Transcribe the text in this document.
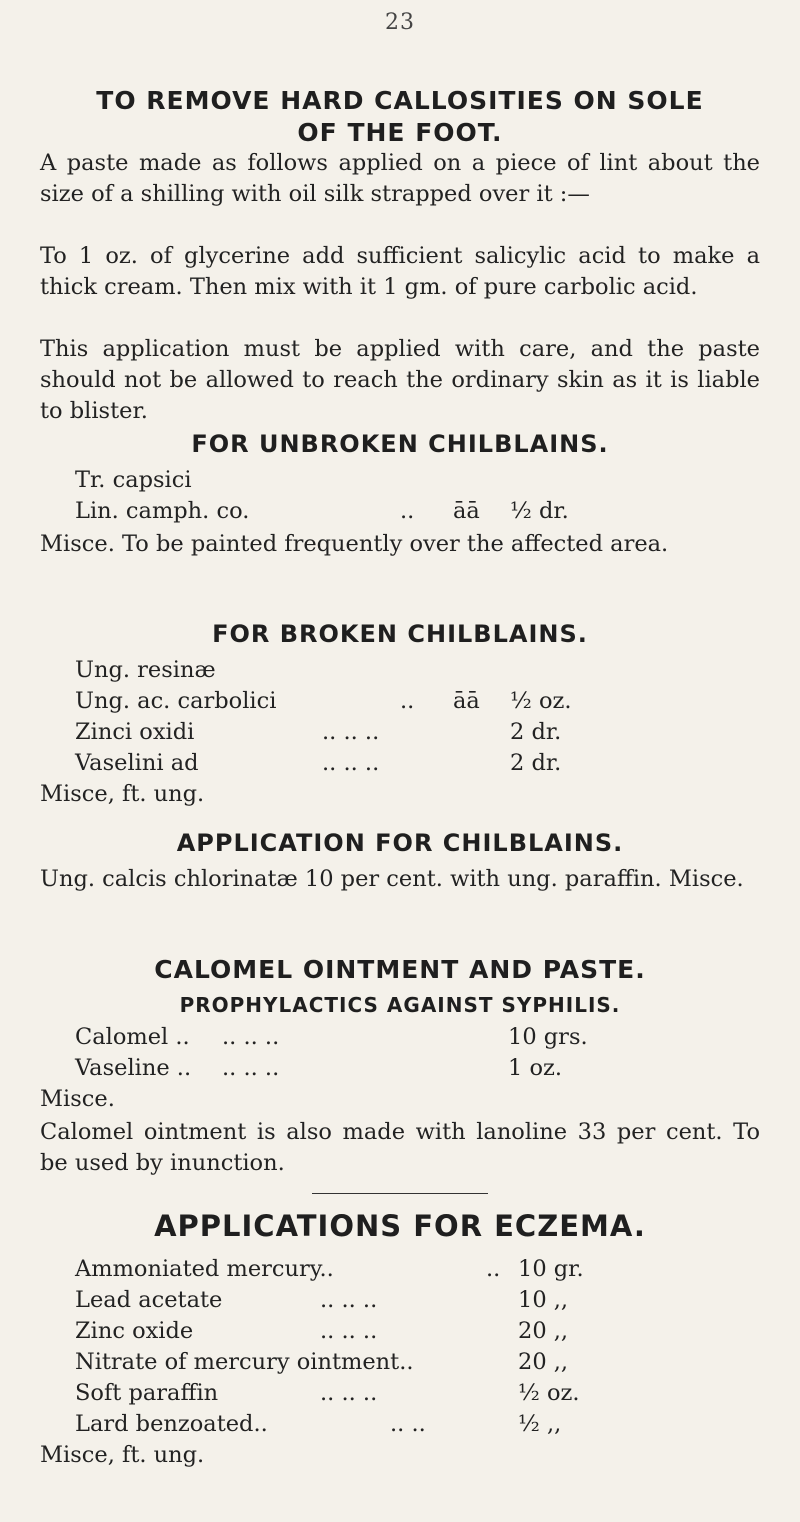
23
TO REMOVE HARD CALLOSITIES ON SOLE
OF THE FOOT.
A paste made as follows applied on a piece of lint about the size of a shilling with oil silk strapped over it :—
To 1 oz. of glycerine add sufficient salicylic acid to make a thick cream. Then mix with it 1 gm. of pure carbolic acid.
This application must be applied with care, and the paste should not be allowed to reach the ordinary skin as it is liable to blister.
FOR UNBROKEN CHILBLAINS.
Tr. capsici
Lin. camph. co.	.. āā ½ dr.
Misce. To be painted frequently over the affected area.
FOR BROKEN CHILBLAINS.
Ung. resinæ
Ung. ac. carbolici	.. āā ½ oz.
Zinci oxidi	.. .. ..	2 dr.
Vaselini ad	.. .. ..	2 dr.
Misce, ft. ung.
APPLICATION FOR CHILBLAINS.
Ung. calcis chlorinatæ 10 per cent. with ung. paraffin. Misce.
CALOMEL OINTMENT AND PASTE.
PROPHYLACTICS AGAINST SYPHILIS.
Calomel .. .. .. ..	10 grs.
Vaseline .. .. .. ..	1 oz.
Misce.
Calomel ointment is also made with lanoline 33 per cent. To be used by inunction.
APPLICATIONS FOR ECZEMA.
Ammoniated mercury..	.. 10 gr.
Lead acetate	.. .. ..	10 ,,
Zinc oxide	.. .. ..	20 ,,
Nitrate of mercury ointment..	20 ,,
Soft paraffin	.. .. ..	½ oz.
Lard benzoated..	.. ..	½ ,,
Misce, ft. ung.
